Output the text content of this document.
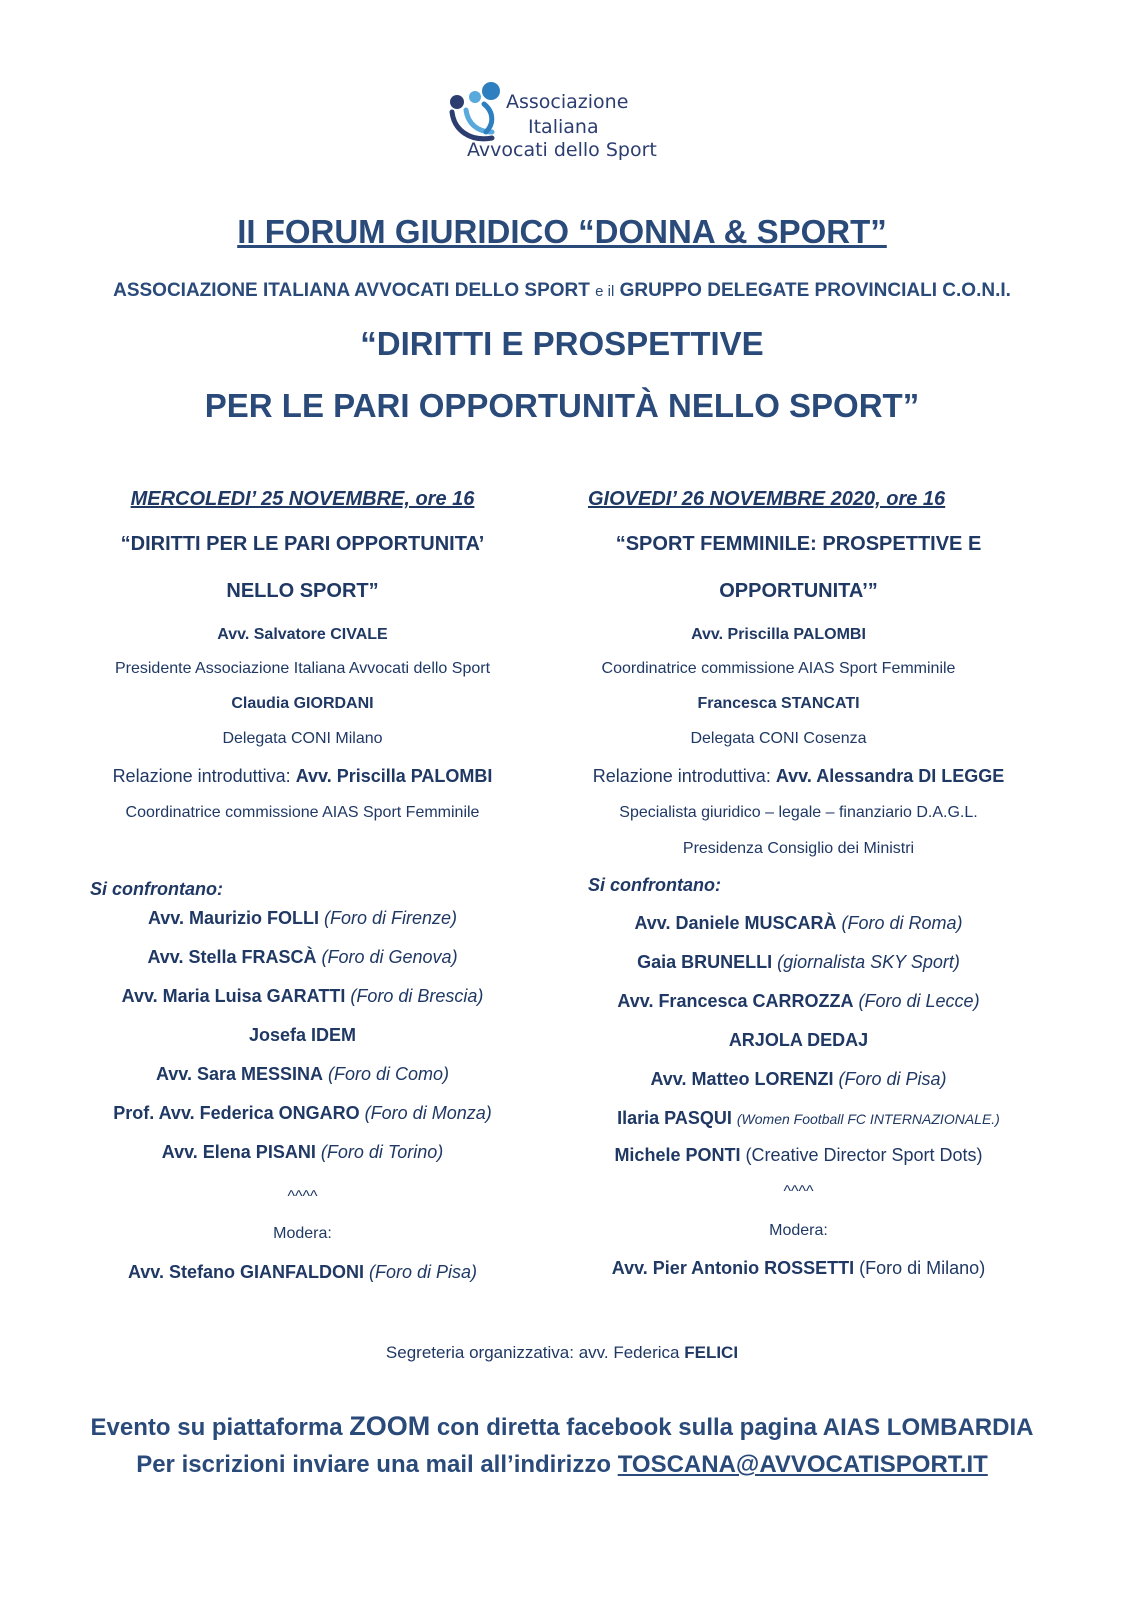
Associazione
Italiana
Avvocati dello Sport
II FORUM GIURIDICO “DONNA & SPORT”
ASSOCIAZIONE ITALIANA AVVOCATI DELLO SPORT e il GRUPPO DELEGATE PROVINCIALI C.O.N.I.
“DIRITTI E PROSPETTIVE
PER LE PARI OPPORTUNITÀ NELLO SPORT”
MERCOLEDI’ 25 NOVEMBRE, ore 16
“DIRITTI PER LE PARI OPPORTUNITA’
NELLO SPORT”
Avv. Salvatore CIVALE
Presidente Associazione Italiana Avvocati dello Sport
Claudia GIORDANI
Delegata CONI Milano
Relazione introduttiva: Avv. Priscilla PALOMBI
Coordinatrice commissione AIAS Sport Femminile
Avv. Maurizio FOLLI (Foro di Firenze)
Avv. Stella FRASCÀ (Foro di Genova)
Avv. Maria Luisa GARATTI (Foro di Brescia)
Josefa IDEM
Avv. Sara MESSINA (Foro di Como)
Prof. Avv. Federica ONGARO (Foro di Monza)
Avv. Elena PISANI (Foro di Torino)
^^^^
Modera:
Avv. Stefano GIANFALDONI (Foro di Pisa)
Si confrontano:
GIOVEDI’ 26 NOVEMBRE 2020, ore 16
“SPORT FEMMINILE: PROSPETTIVE E
OPPORTUNITA’”
Avv. Priscilla PALOMBI
Coordinatrice commissione AIAS Sport Femminile
Francesca STANCATI
Delegata CONI Cosenza
Relazione introduttiva: Avv. Alessandra DI LEGGE
Specialista giuridico – legale – finanziario D.A.G.L.
Presidenza Consiglio dei Ministri
Avv. Daniele MUSCARÀ (Foro di Roma)
Gaia BRUNELLI (giornalista SKY Sport)
Avv. Francesca CARROZZA (Foro di Lecce)
ARJOLA DEDAJ
Avv. Matteo LORENZI (Foro di Pisa)
Ilaria PASQUI (Women Football FC INTERNAZIONALE.)
Michele PONTI (Creative Director Sport Dots)
^^^^
Modera:
Avv. Pier Antonio ROSSETTI (Foro di Milano)
Si confrontano:
Segreteria organizzativa: avv. Federica FELICI
Evento su piattaforma ZOOM con diretta facebook sulla pagina AIAS LOMBARDIA
Per iscrizioni inviare una mail all’indirizzo TOSCANA@AVVOCATISPORT.IT
